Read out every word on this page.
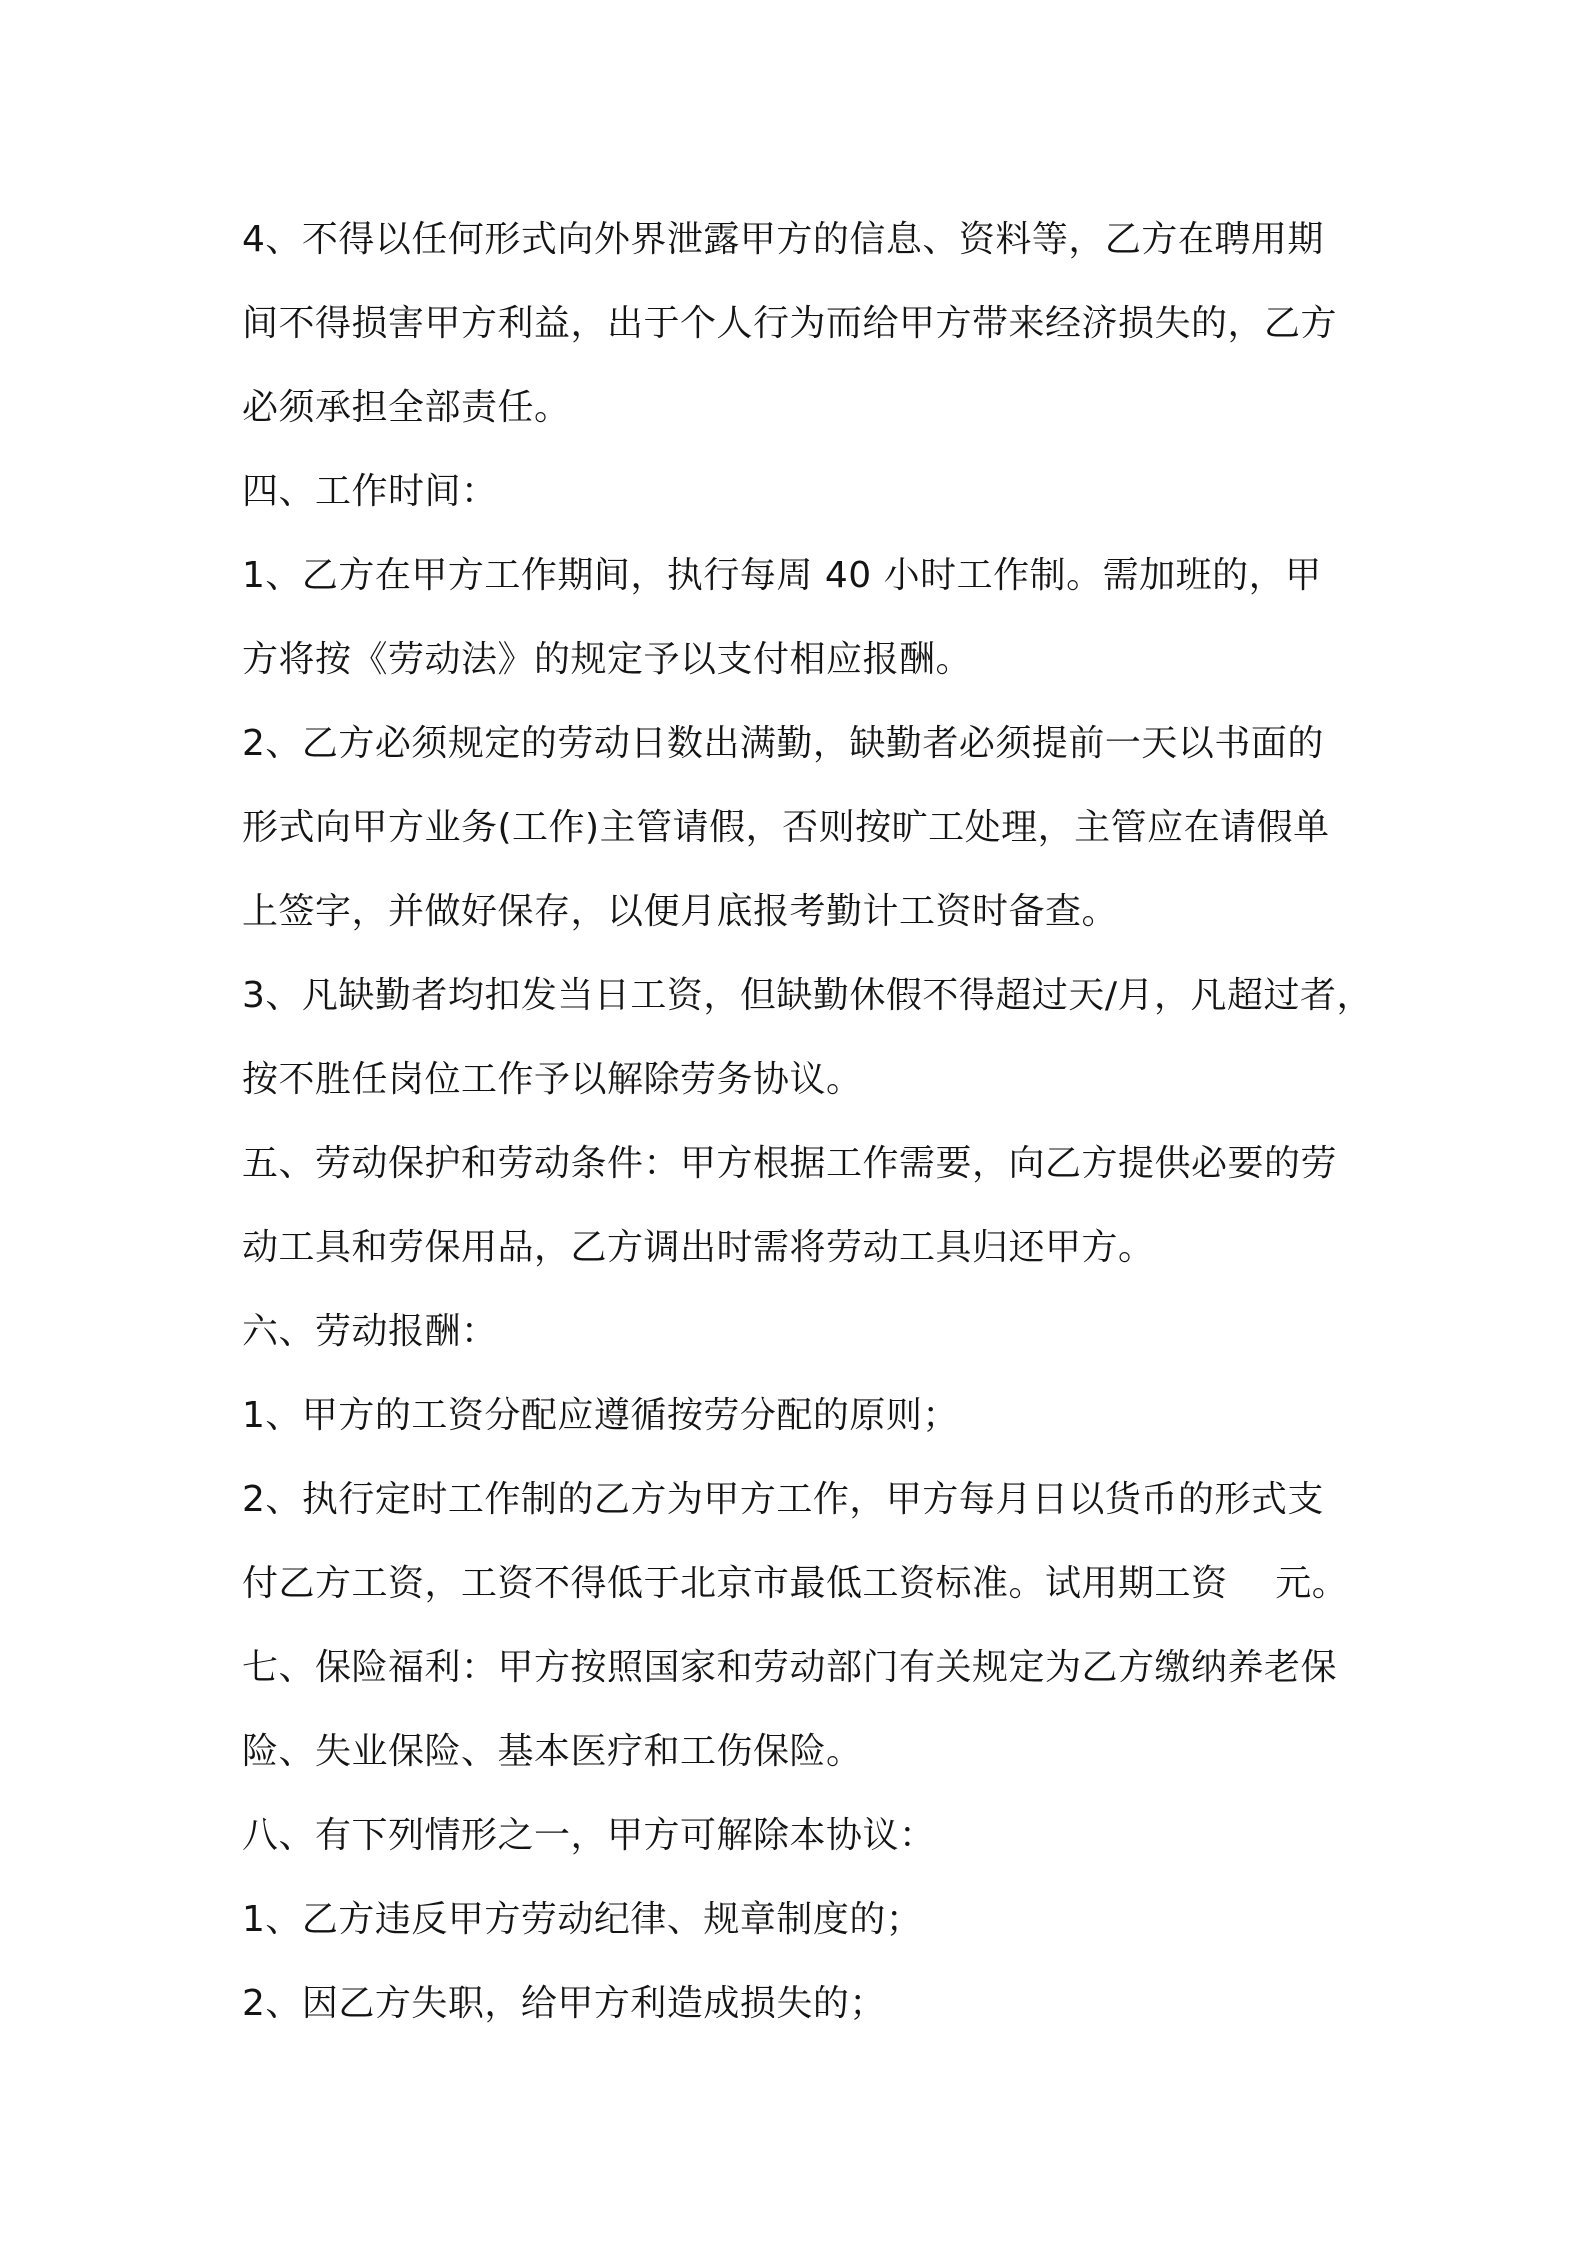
4、不得以任何形式向外界泄露甲方的信息、资料等，乙方在聘用期
间不得损害甲方利益，出于个人行为而给甲方带来经济损失的，乙方
必须承担全部责任。
四、工作时间：
1、乙方在甲方工作期间，执行每周 40 小时工作制。需加班的，甲
方将按《劳动法》的规定予以支付相应报酬。
2、乙方必须规定的劳动日数出满勤，缺勤者必须提前一天以书面的
形式向甲方业务(工作)主管请假，否则按旷工处理，主管应在请假单
上签字，并做好保存，以便月底报考勤计工资时备查。
3、凡缺勤者均扣发当日工资，但缺勤休假不得超过天/月，凡超过者，
按不胜任岗位工作予以解除劳务协议。
五、劳动保护和劳动条件：甲方根据工作需要，向乙方提供必要的劳
动工具和劳保用品，乙方调出时需将劳动工具归还甲方。
六、劳动报酬：
1、甲方的工资分配应遵循按劳分配的原则；
2、执行定时工作制的乙方为甲方工作，甲方每月日以货币的形式支
付乙方工资，工资不得低于北京市最低工资标准。试用期工资    元。
七、保险福利：甲方按照国家和劳动部门有关规定为乙方缴纳养老保
险、失业保险、基本医疗和工伤保险。
八、有下列情形之一，甲方可解除本协议：
1、乙方违反甲方劳动纪律、规章制度的；
2、因乙方失职，给甲方利造成损失的；
